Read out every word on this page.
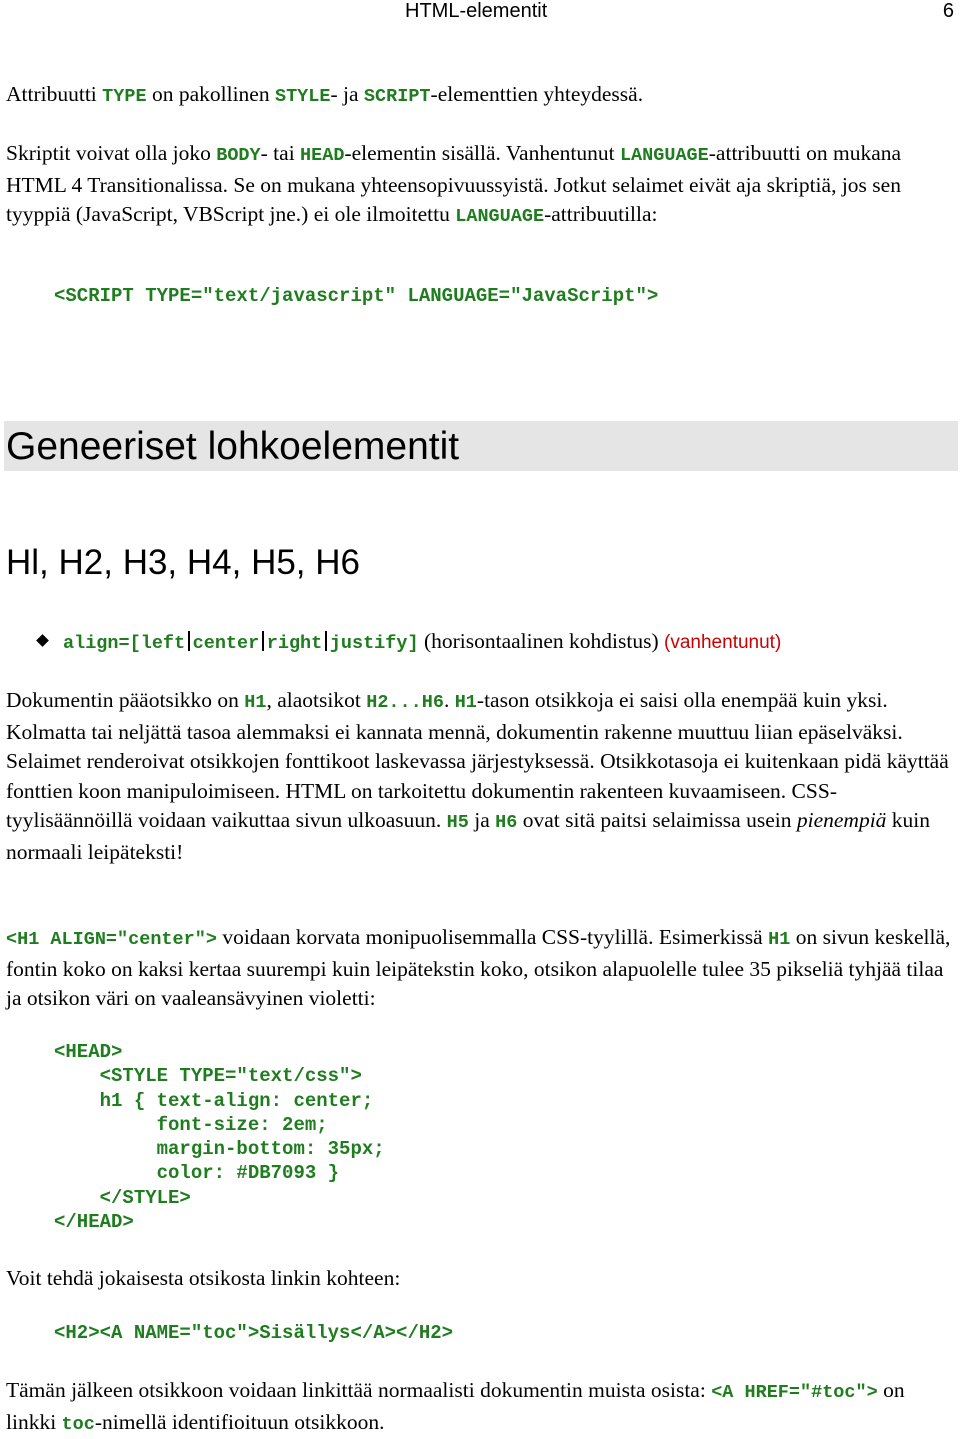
HTML-elementit	6

Attribuutti TYPE on pakollinen STYLE- ja SCRIPT-elementtien yhteydessä.

Skriptit voivat olla joko BODY- tai HEAD-elementin sisällä. Vanhentunut LANGUAGE-attribuutti on mukana HTML 4 Transitionalissa. Se on mukana yhteensopivuussyistä. Jotkut selaimet eivät aja skriptiä, jos sen tyyppiä (JavaScript, VBScript jne.) ei ole ilmoitettu LANGUAGE-attribuutilla:

<SCRIPT TYPE="text/javascript" LANGUAGE="JavaScript">
Geneeriset lohkoelementit
Hl, H2, H3, H4, H5, H6
align=[left center right justify] (horisontaalinen kohdistus) (vanhentunut)

Dokumentin pääotsikko on H1, alaotsikot H2...H6. H1-tason otsikkoja ei saisi olla enempää kuin yksi. Kolmatta tai neljättä tasoa alemmaksi ei kannata mennä, dokumentin rakenne muuttuu liian epäselväksi. Selaimet renderoivat otsikkojen fonttikoot laskevassa järjestyksessä. Otsikkotasoja ei kuitenkaan pidä käyttää fonttien koon manipuloimiseen. HTML on tarkoitettu dokumentin rakenteen kuvaamiseen. CSS-tyylisäännöillä voidaan vaikuttaa sivun ulkoasuun. H5 ja H6 ovat sitä paitsi selaimissa usein pienempiä kuin normaali leipäteksti!

<H1 ALIGN="center"> voidaan korvata monipuolisemmalla CSS-tyylillä. Esimerkissä H1 on sivun keskellä, fontin koko on kaksi kertaa suurempi kuin leipätekstin koko, otsikon alapuolelle tulee 35 pikseliä tyhjää tilaa ja otsikon väri on vaaleansävyinen violetti:

<HEAD>
<STYLE TYPE="text/css">
h1 { text-align: center;
font-size: 2em;
margin-bottom: 35px;
color: #DB7093 }
</STYLE>
</HEAD>

Voit tehdä jokaisesta otsikosta linkin kohteen:

<H2><A NAME="toc">Sisällys</A></H2>

Tämän jälkeen otsikkoon voidaan linkittää normaalisti dokumentin muista osista: <A HREF="#toc"> on linkki toc-nimellä identifioituun otsikkoon.
